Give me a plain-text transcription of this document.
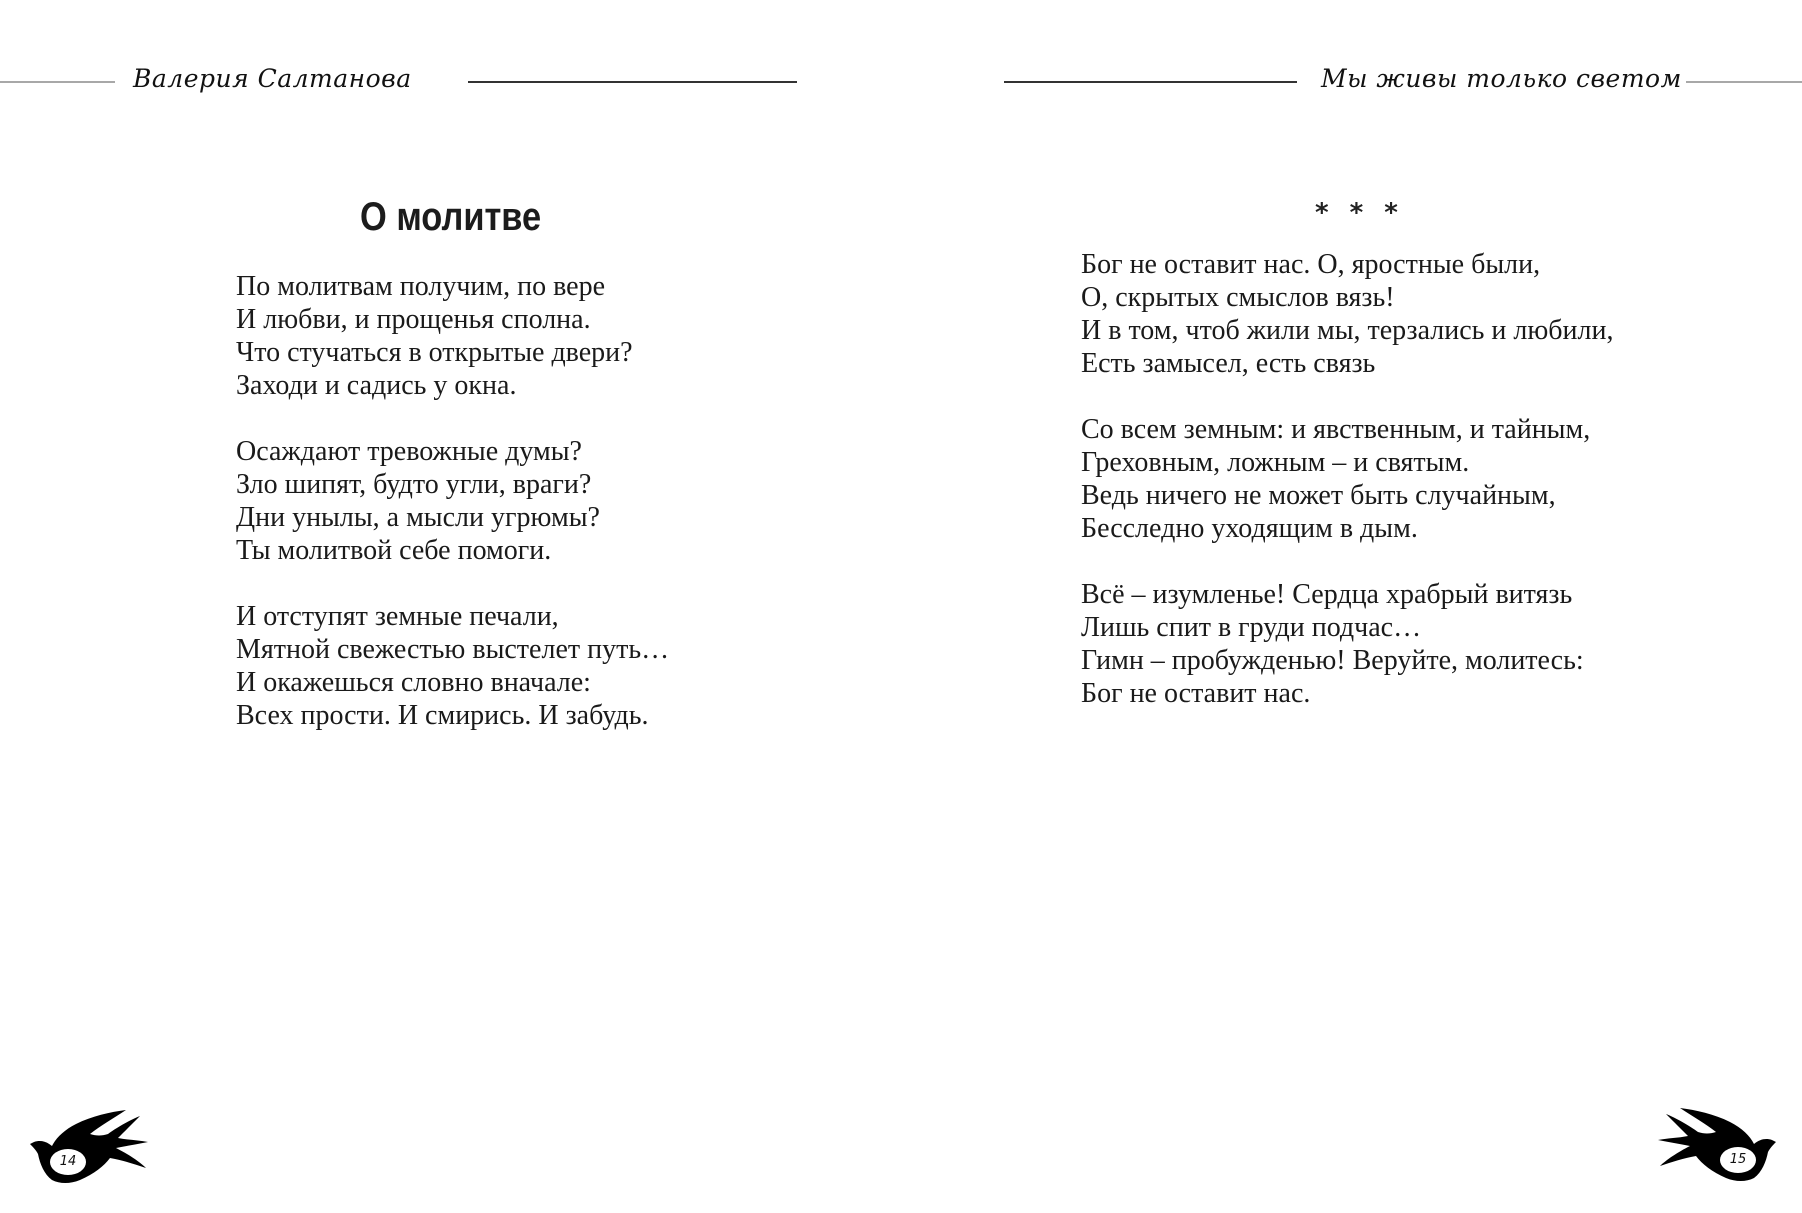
Валерия Салтанова
О молитве
По молитвам получим, по вере
И любви, и прощенья сполна.
Что стучаться в открытые двери?
Заходи и садись у окна.
Осаждают тревожные думы?
Зло шипят, будто угли, враги?
Дни унылы, а мысли угрюмы?
Ты молитвой себе помоги.
И отступят земные печали,
Мятной свежестью выстелет путь…
И окажешься словно вначале:
Всех прости. И смирись. И забудь.
14
Мы живы только светом
* * *
Бог не оставит нас. О, яростные были,
О, скрытых смыслов вязь!
И в том, чтоб жили мы, терзались и любили,
Есть замысел, есть связь
Со всем земным: и явственным, и тайным,
Греховным, ложным – и святым.
Ведь ничего не может быть случайным,
Бесследно уходящим в дым.
Всё – изумленье! Сердца храбрый витязь
Лишь спит в груди подчас…
Гимн – пробужденью! Веруйте, молитесь:
Бог не оставит нас.
15
